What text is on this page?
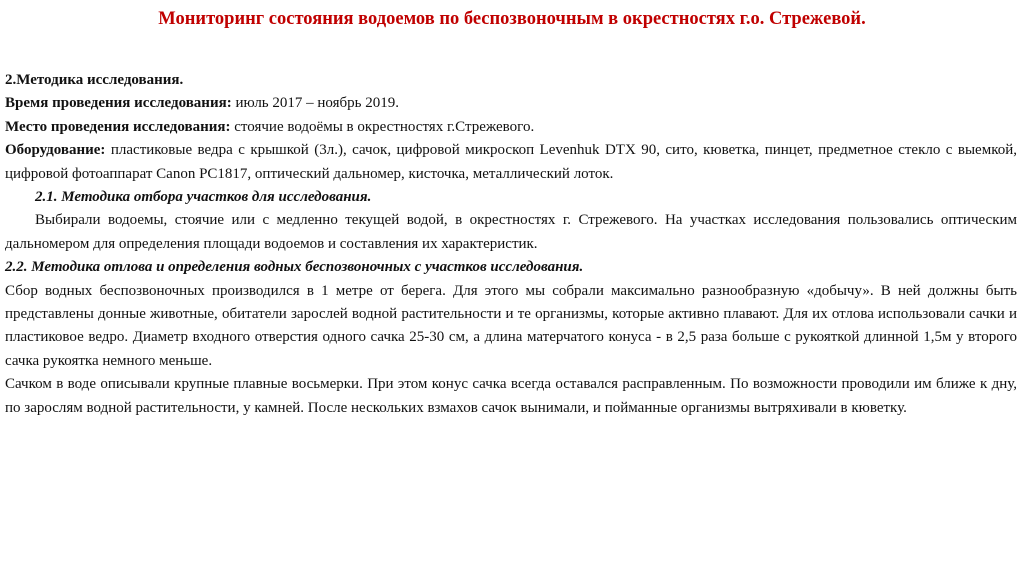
Мониторинг состояния водоемов по беспозвоночным в окрестностях г.о. Стрежевой.

2.Методика исследования.

Время проведения исследования: июль 2017 – ноябрь 2019.

Место проведения исследования: стоячие водоёмы в окрестностях г.Стрежевого.

Оборудование: пластиковые ведра с крышкой (3л.), сачок, цифровой микроскоп Levenhuk DTX 90, сито, кюветка, пинцет, предметное стекло с выемкой, цифровой фотоаппарат Canon PC1817, оптический дальномер, кисточка, металлический лоток.

2.1. Методика отбора участков для исследования.

Выбирали водоемы, стоячие или с медленно текущей водой, в окрестностях г. Стрежевого. На участках исследования пользовались оптическим дальномером для определения площади водоемов и составления их характеристик.

2.2. Методика отлова и определения водных беспозвоночных с участков исследования.

Сбор водных беспозвоночных производился в 1 метре от берега. Для этого мы собрали максимально разнообразную «добычу». В ней должны быть представлены донные животные, обитатели зарослей водной растительности и те организмы, которые активно плавают. Для их отлова использовали сачки и пластиковое ведро. Диаметр входного отверстия одного сачка 25-30 см, а длина матерчатого конуса - в 2,5 раза больше с рукояткой длинной 1,5м у второго сачка рукоятка немного меньше.

Сачком в воде описывали крупные плавные восьмерки. При этом конус сачка всегда оставался расправленным. По возможности проводили им ближе к дну, по зарослям водной растительности, у камней. После нескольких взмахов сачок вынимали, и пойманные организмы вытряхивали в кюветку.
